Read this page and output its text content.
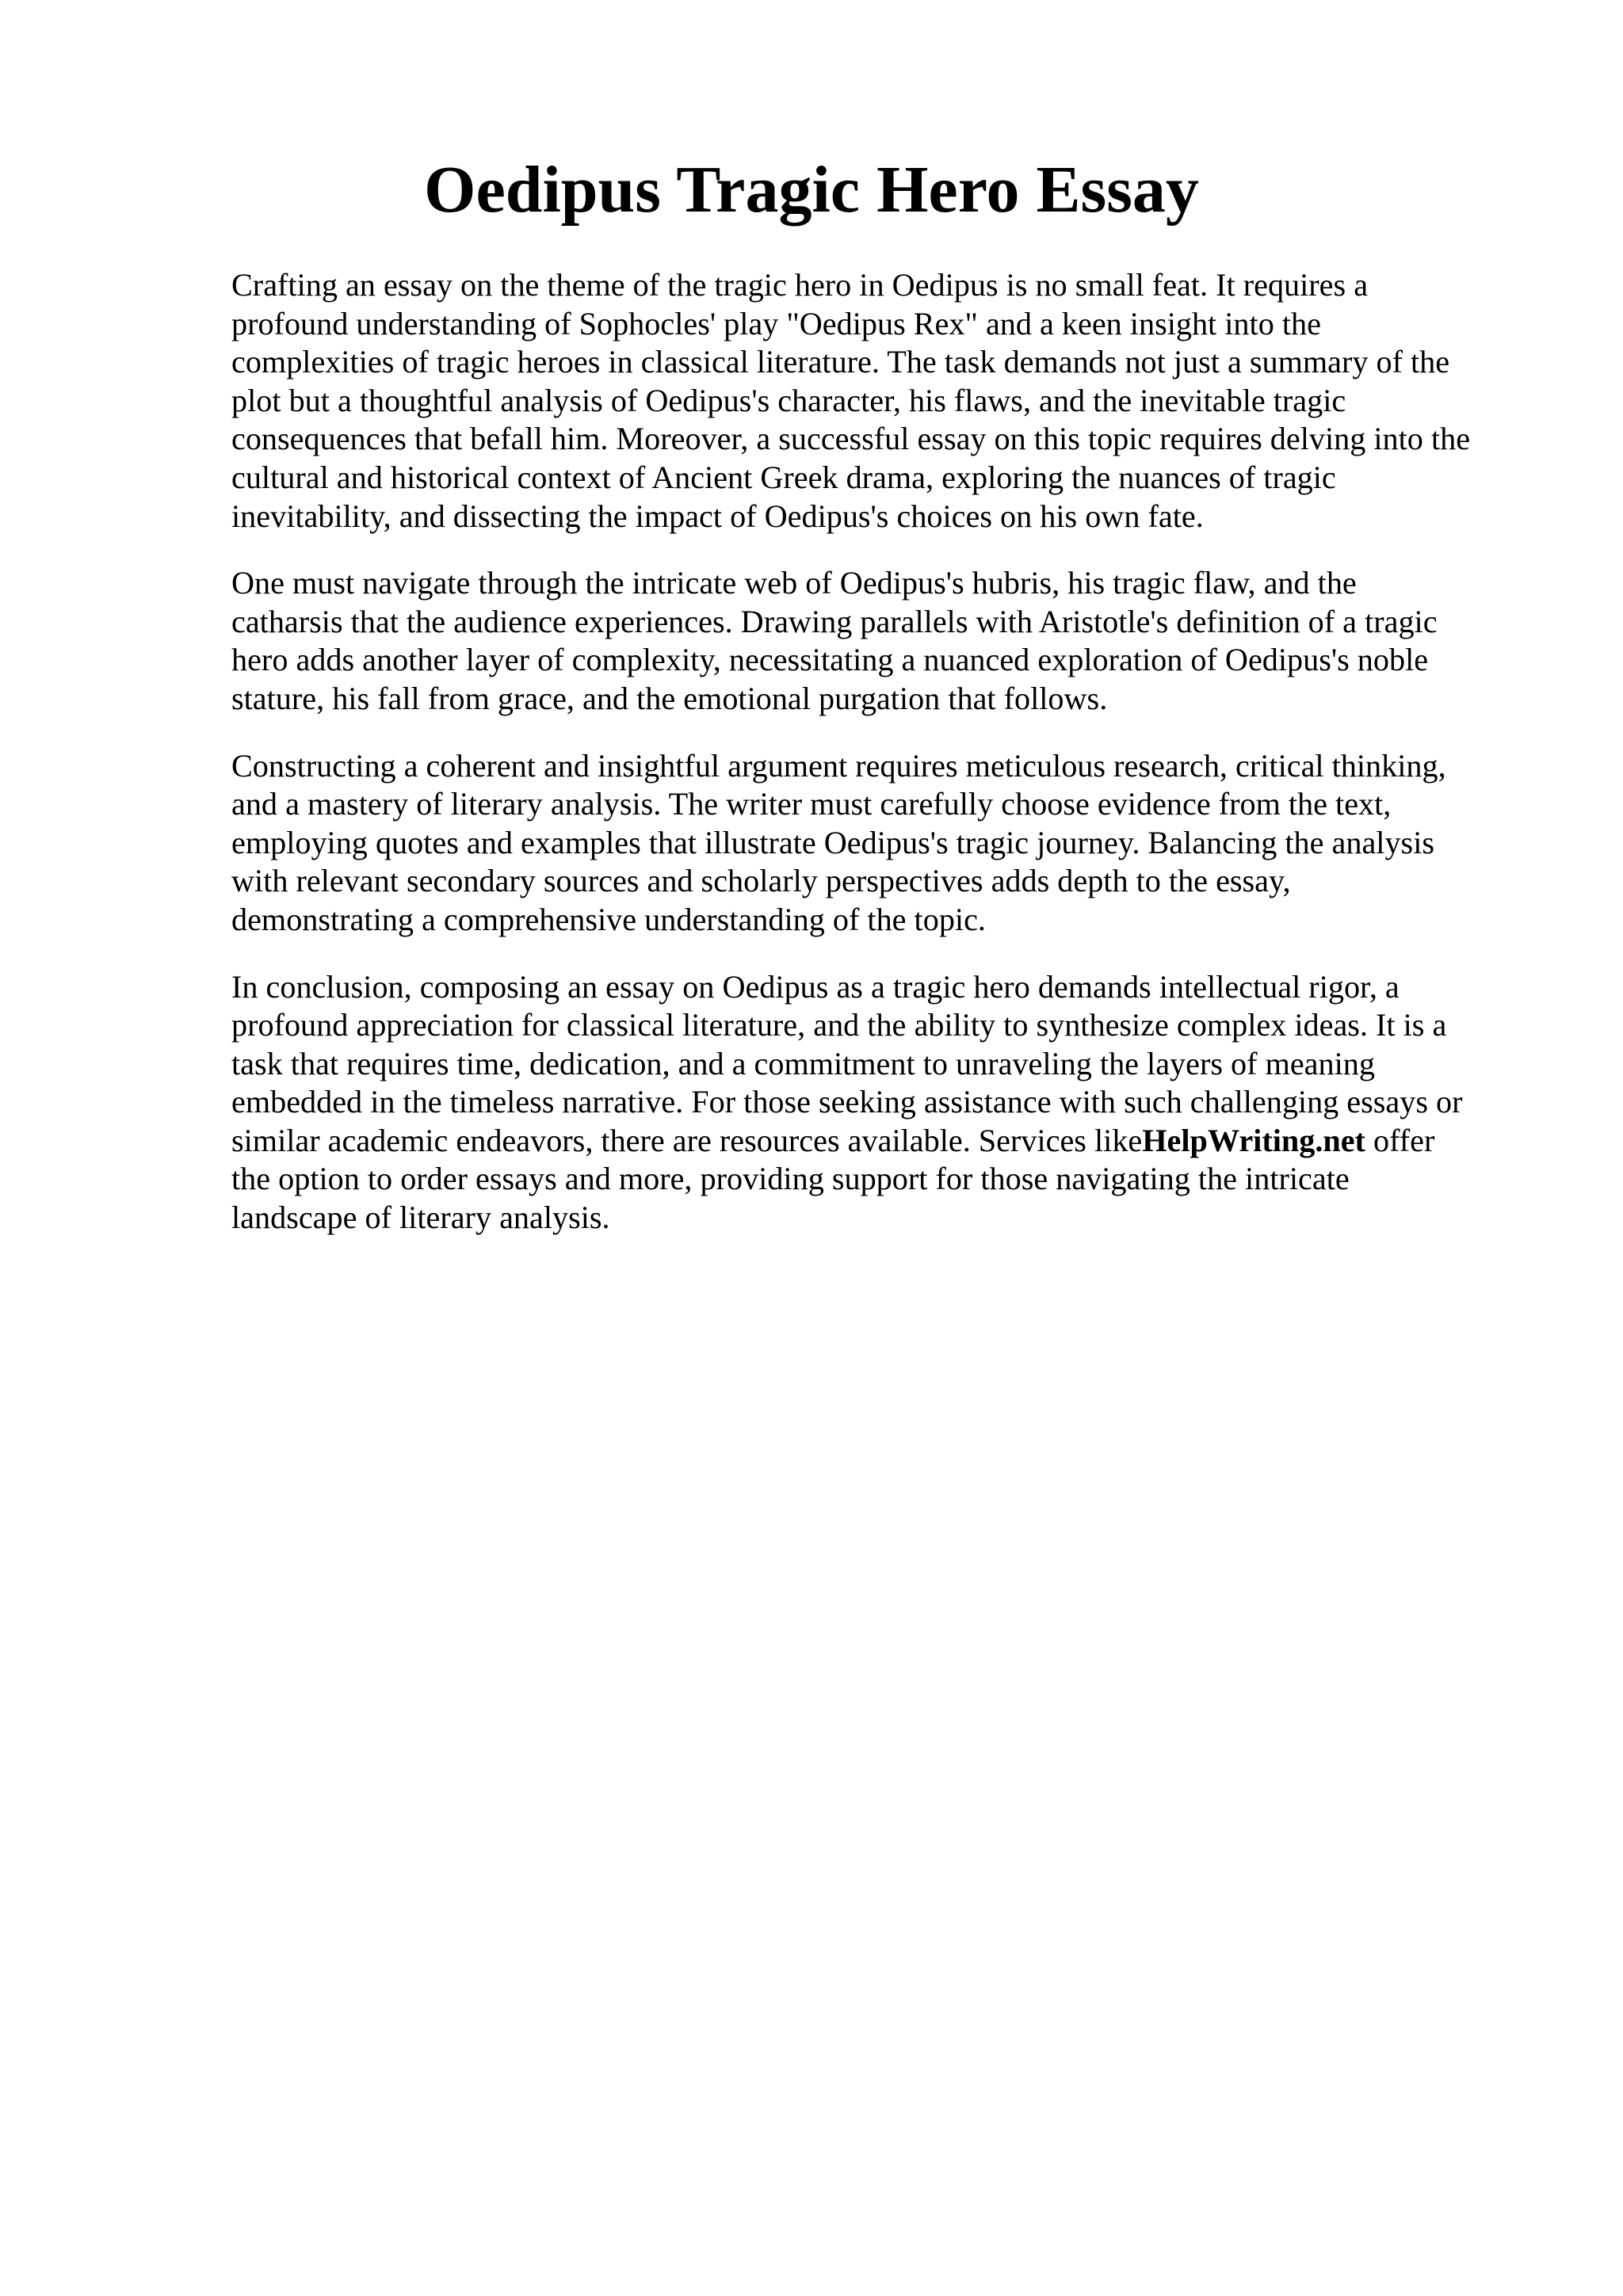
Oedipus Tragic Hero Essay

Crafting an essay on the theme of the tragic hero in Oedipus is no small feat. It requires a
profound understanding of Sophocles' play "Oedipus Rex" and a keen insight into the
complexities of tragic heroes in classical literature. The task demands not just a summary of the
plot but a thoughtful analysis of Oedipus's character, his flaws, and the inevitable tragic
consequences that befall him. Moreover, a successful essay on this topic requires delving into the
cultural and historical context of Ancient Greek drama, exploring the nuances of tragic
inevitability, and dissecting the impact of Oedipus's choices on his own fate.

One must navigate through the intricate web of Oedipus's hubris, his tragic flaw, and the
catharsis that the audience experiences. Drawing parallels with Aristotle's definition of a tragic
hero adds another layer of complexity, necessitating a nuanced exploration of Oedipus's noble
stature, his fall from grace, and the emotional purgation that follows.

Constructing a coherent and insightful argument requires meticulous research, critical thinking,
and a mastery of literary analysis. The writer must carefully choose evidence from the text,
employing quotes and examples that illustrate Oedipus's tragic journey. Balancing the analysis
with relevant secondary sources and scholarly perspectives adds depth to the essay,
demonstrating a comprehensive understanding of the topic.

In conclusion, composing an essay on Oedipus as a tragic hero demands intellectual rigor, a
profound appreciation for classical literature, and the ability to synthesize complex ideas. It is a
task that requires time, dedication, and a commitment to unraveling the layers of meaning
embedded in the timeless narrative. For those seeking assistance with such challenging essays or
similar academic endeavors, there are resources available. Services likeHelpWriting.net offer
the option to order essays and more, providing support for those navigating the intricate
landscape of literary analysis.
